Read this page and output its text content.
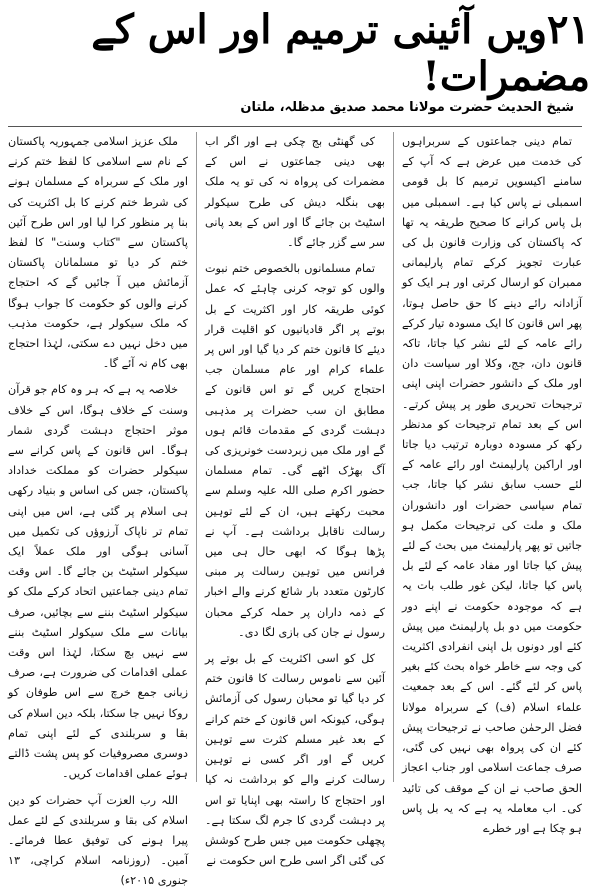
۲۱ویں آئینی ترمیم اور اس کے مضمرات!
شیخ الحدیث حضرت مولانا محمد صدیق مدظلہ، ملتان

تمام دینی جماعتوں کے سربراہوں کی خدمت میں عرض ہے کہ آپ کے سامنے اکیسویں ترمیم کا بل قومی اسمبلی نے پاس کیا ہے۔ اسمبلی میں بل پاس کرانے کا صحیح طریقہ یہ تھا کہ پاکستان کی وزارت قانون بل کی عبارت تجویز کرکے تمام پارلیمانی ممبران کو ارسال کرتی اور ہر ایک کو آزادانہ رائے دینے کا حق حاصل ہوتا، پھر اس قانون کا ایک مسودہ تیار کرکے رائے عامہ کے لئے نشر کیا جاتا، تاکہ قانون دان، جج، وکلا اور سیاست دان اور ملک کے دانشور حضرات اپنی اپنی ترجیحات تحریری طور پر پیش کرتے۔ اس کے بعد تمام ترجیحات کو مدنظر رکھ کر مسودہ دوبارہ ترتیب دیا جاتا اور اراکین پارلیمنٹ اور رائے عامہ کے لئے حسب سابق نشر کیا جاتا، جب تمام سیاسی حضرات اور دانشوران ملک و ملت کی ترجیحات مکمل ہو جاتیں تو پھر پارلیمنٹ میں بحث کے لئے پیش کیا جاتا اور مفاد عامہ کے لئے بل پاس کیا جاتا، لیکن غور طلب بات یہ ہے کہ موجودہ حکومت نے اپنے دور حکومت میں دو بل پارلیمنٹ میں پیش کئے اور دونوں بل اپنی انفرادی اکثریت کی وجہ سے خاطر خواہ بحث کئے بغیر پاس کر لئے گئے۔ اس کے بعد جمعیت علماء اسلام (ف) کے سربراہ مولانا فضل الرحمٰن صاحب نے ترجیحات پیش کئے ان کی پرواہ بھی نہیں کی گئی، صرف جماعت اسلامی اور جناب اعجاز الحق صاحب نے ان کے موقف کی تائید کی۔ اب معاملہ یہ ہے کہ یہ بل پاس ہو چکا ہے اور خطرے

کی گھنٹی بج چکی ہے اور اگر اب بھی دینی جماعتوں نے اس کے مضمرات کی پرواہ نہ کی تو یہ ملک بھی بنگلہ دیش کی طرح سیکولر اسٹیٹ بن جائے گا اور اس کے بعد پانی سر سے گزر جائے گا۔

تمام مسلمانوں بالخصوص ختم نبوت والوں کو توجہ کرنی چاہئے کہ عمل کوئی طریقہ کار اور اکثریت کے بل بوتے پر اگر قادیانیوں کو اقلیت قرار دیئے کا قانون ختم کر دیا گیا اور اس پر علماء کرام اور عام مسلمان جب احتجاج کریں گے تو اس قانون کے مطابق ان سب حضرات پر مذہبی دہشت گردی کے مقدمات قائم ہوں گے اور ملک میں زبردست خونریزی کی آگ بھڑک اٹھے گی۔ تمام مسلمان حضور اکرم صلی اللہ علیہ وسلم سے محبت رکھتے ہیں، ان کے لئے توہین رسالت ناقابل برداشت ہے۔ آپ نے پڑھا ہوگا کہ ابھی حال ہی میں فرانس میں توہین رسالت پر مبنی کارٹون متعدد بار شائع کرنے والے اخبار کے ذمہ داران پر حملہ کرکے محبان رسول نے جان کی بازی لگا دی۔

کل کو اسی اکثریت کے بل بوتے پر آئین سے ناموس رسالت کا قانون ختم کر دیا گیا تو محبان رسول کی آزمائش ہوگی، کیونکہ اس قانون کے ختم کرانے کے بعد غیر مسلم کثرت سے توہین کریں گے اور اگر کسی نے توہین رسالت کرنے والے کو برداشت نہ کیا اور احتجاج کا راستہ بھی اپنایا تو اس پر دہشت گردی کا جرم لگ سکتا ہے۔ پچھلی حکومت میں جس طرح کوشش کی گئی اگر اسی طرح اس حکومت نے

ملک عزیز اسلامی جمہوریہ پاکستان کے نام سے اسلامی کا لفظ ختم کرنے اور ملک کے سربراہ کے مسلمان ہونے کی شرط ختم کرنے کا بل اکثریت کی بنا پر منظور کرا لیا اور اس طرح آئین پاکستان سے "کتاب وسنت" کا لفظ ختم کر دیا تو مسلمانان پاکستان آزمائش میں آ جائیں گے کہ احتجاج کرنے والوں کو حکومت کا جواب ہوگا کہ ملک سیکولر ہے، حکومت مذہب میں دخل نہیں دے سکتی، لہٰذا احتجاج بھی کام نہ آئے گا۔

خلاصہ یہ ہے کہ ہر وہ کام جو قرآن وسنت کے خلاف ہوگا، اس کے خلاف موثر احتجاج دہشت گردی شمار ہوگا۔ اس قانون کے پاس کرانے سے سیکولر حضرات کو مملکت خداداد پاکستان، جس کی اساس و بنیاد رکھی ہی اسلام پر گئی ہے، اس میں اپنی تمام تر ناپاک آرزوؤں کی تکمیل میں آسانی ہوگی اور ملک عملاً ایک سیکولر اسٹیٹ بن جائے گا۔ اس وقت تمام دینی جماعتیں اتحاد کرکے ملک کو سیکولر اسٹیٹ بننے سے بچائیں، صرف بیانات سے ملک سیکولر اسٹیٹ بننے سے نہیں بچ سکتا، لہٰذا اس وقت عملی اقدامات کی ضرورت ہے، صرف زبانی جمع خرچ سے اس طوفان کو روکا نہیں جا سکتا، بلکہ دین اسلام کی بقا و سربلندی کے لئے اپنی تمام دوسری مصروفیات کو پس پشت ڈالتے ہوئے عملی اقدامات کریں۔

اللہ رب العزت آپ حضرات کو دین اسلام کی بقا و سربلندی کے لئے عمل پیرا ہونے کی توفیق عطا فرمائے۔ آمین۔ (روزنامہ اسلام کراچی، ۱۳ جنوری ۲۰۱۵ء)
